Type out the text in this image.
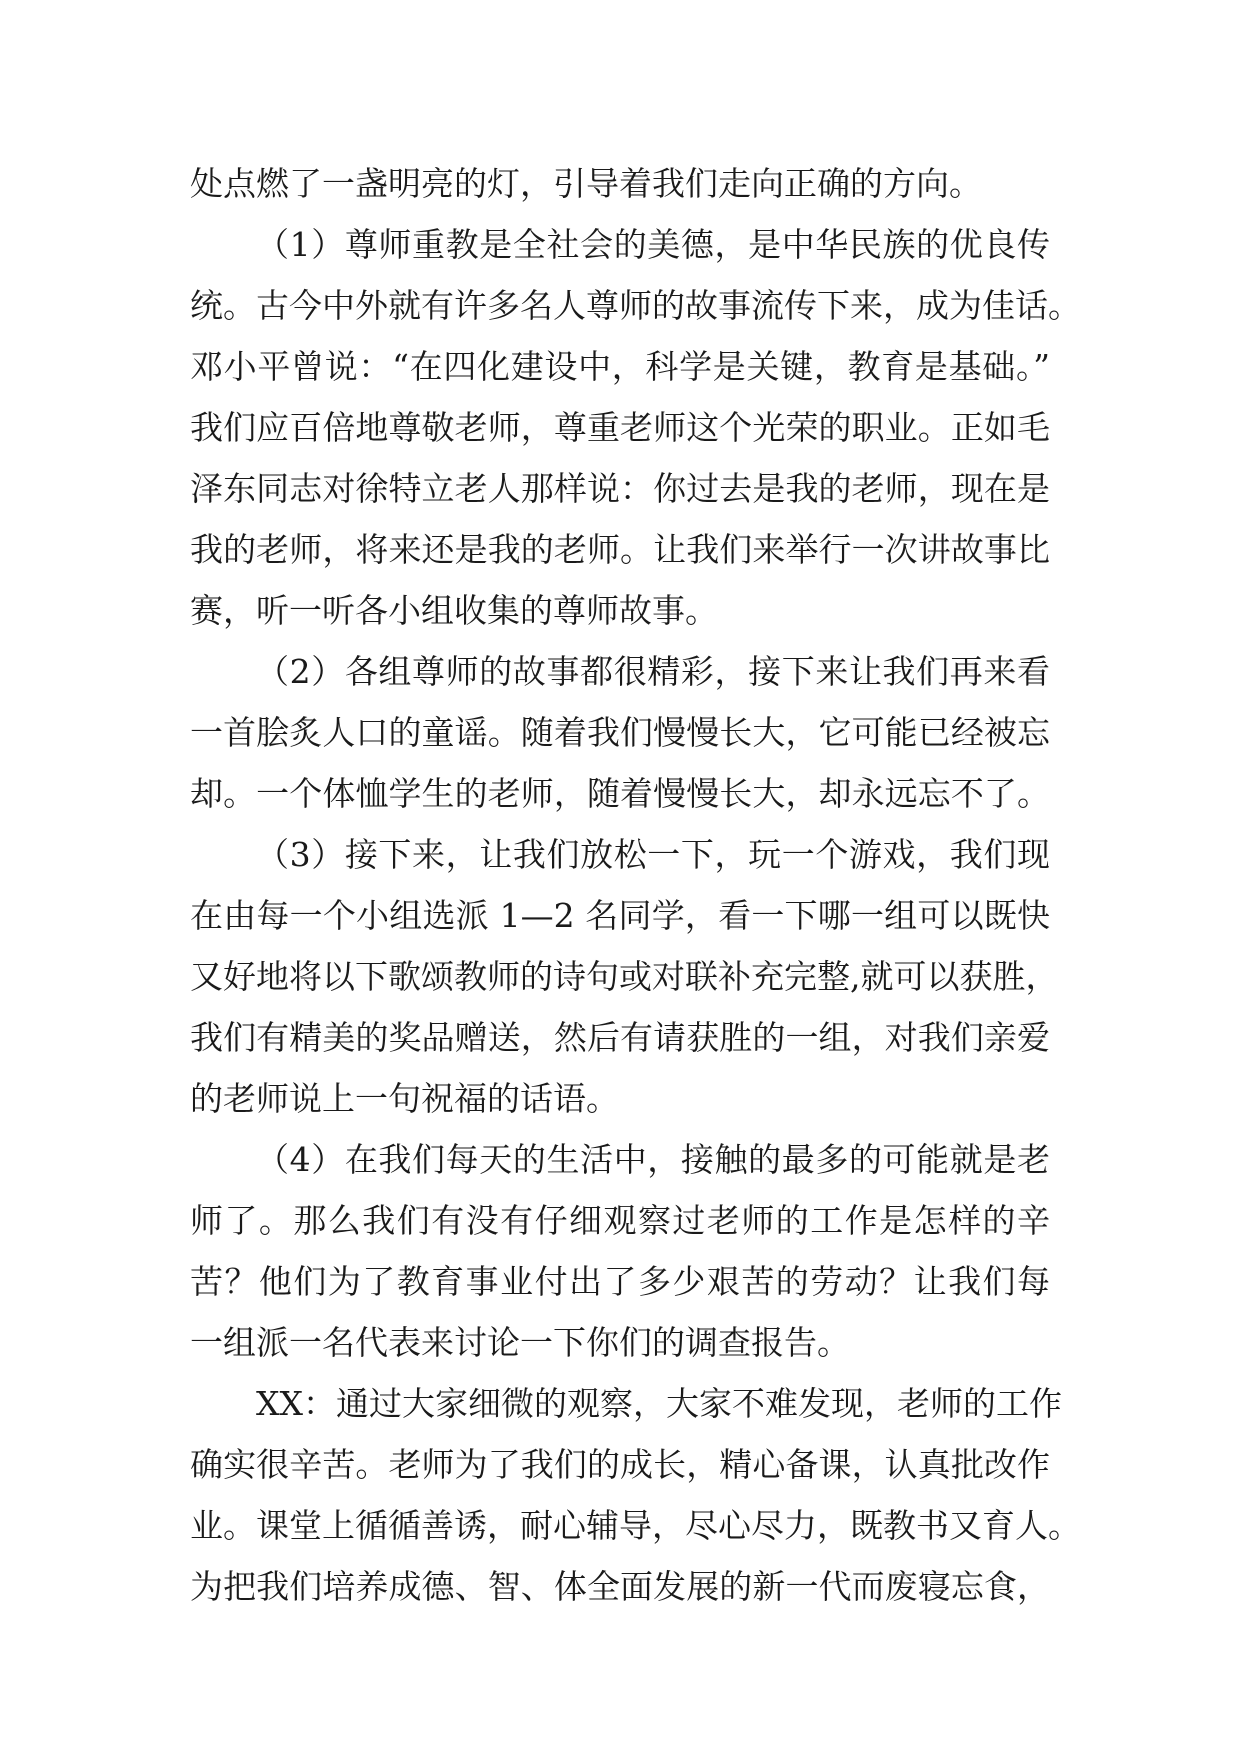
处点燃了一盏明亮的灯，引导着我们走向正确的方向。
（1）尊师重教是全社会的美德，是中华民族的优良传
统。古今中外就有许多名人尊师的故事流传下来，成为佳话。
邓小平曾说：“在四化建设中，科学是关键，教育是基础。”
我们应百倍地尊敬老师，尊重老师这个光荣的职业。正如毛
泽东同志对徐特立老人那样说：你过去是我的老师，现在是
我的老师，将来还是我的老师。让我们来举行一次讲故事比
赛，听一听各小组收集的尊师故事。
（2）各组尊师的故事都很精彩，接下来让我们再来看
一首脍炙人口的童谣。随着我们慢慢长大，它可能已经被忘
却。一个体恤学生的老师，随着慢慢长大，却永远忘不了。
（3）接下来，让我们放松一下，玩一个游戏，我们现
在由每一个小组选派 1—2 名同学，看一下哪一组可以既快
又好地将以下歌颂教师的诗句或对联补充完整,就可以获胜，
我们有精美的奖品赠送，然后有请获胜的一组，对我们亲爱
的老师说上一句祝福的话语。
（4）在我们每天的生活中，接触的最多的可能就是老
师了。那么我们有没有仔细观察过老师的工作是怎样的辛
苦？他们为了教育事业付出了多少艰苦的劳动？让我们每
一组派一名代表来讨论一下你们的调查报告。
XX：通过大家细微的观察，大家不难发现，老师的工作
确实很辛苦。老师为了我们的成长，精心备课，认真批改作
业。课堂上循循善诱，耐心辅导，尽心尽力，既教书又育人。
为把我们培养成德、智、体全面发展的新一代而废寝忘食，
